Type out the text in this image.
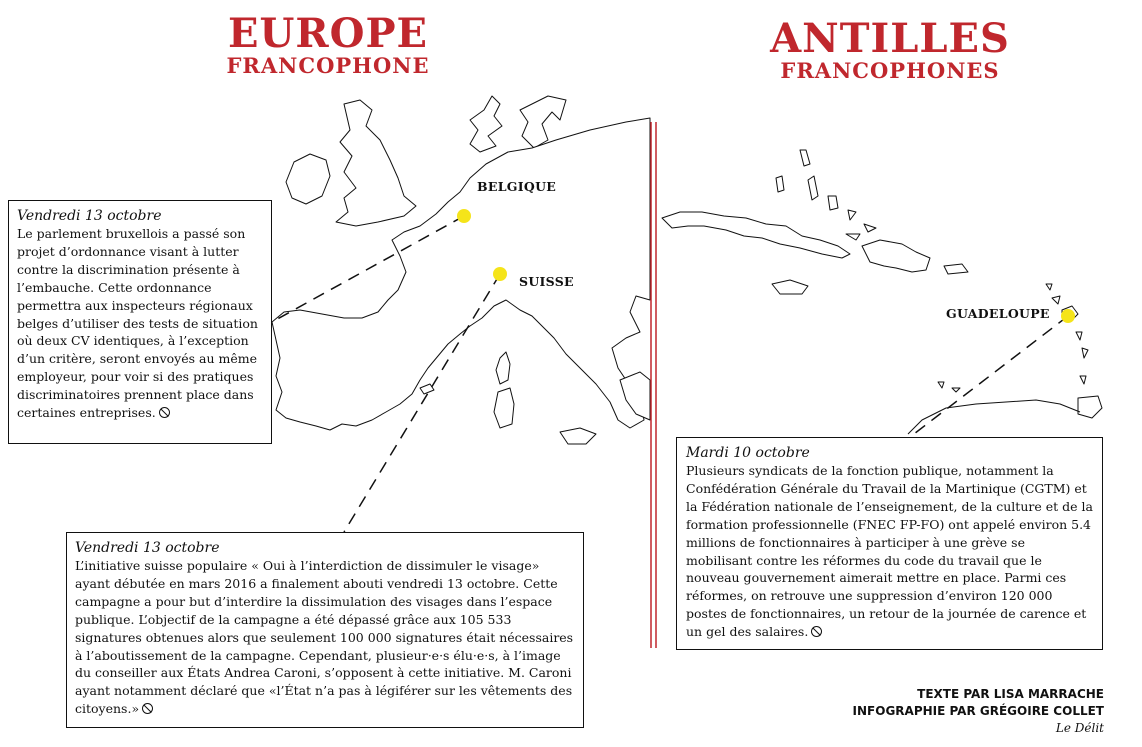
EUROPE
FRANCOPHONE
ANTILLES
FRANCOPHONES
BELGIQUE
SUISSE
GUADELOUPE
Vendredi 13 octobre
Le parlement bruxellois a passé son projet d’ordonnance visant à lutter contre la discrimination présente à l’embauche. Cette ordonnance permettra aux inspecteurs régionaux belges d’utiliser des tests de situation où deux CV identiques, à l’exception d’un critère, seront envoyés au même employeur, pour voir si des pratiques discriminatoires prennent place dans certaines entreprises.
Vendredi 13 octobre
L’initiative suisse populaire « Oui à l’interdiction de dissimuler le visage» ayant débutée en mars 2016 a finalement abouti vendredi 13 octobre. Cette campagne a pour but d’interdire la dissimulation des visages dans l’espace publique. L’objectif de la campagne a été dépassé grâce aux 105 533 signatures obtenues alors que seulement 100 000 signatures était nécessaires à l’aboutissement de la campagne. Cependant, plusieur·e·s élu·e·s, à l’image du conseiller aux États Andrea Caroni, s’opposent à cette initiative. M. Caroni ayant notamment déclaré que «l’État n’a pas à légiférer sur les vêtements des citoyens.»
Mardi 10 octobre
Plusieurs syndicats de la fonction publique, notamment la Confédération Générale du Travail de la Martinique (CGTM) et la Fédération nationale de l’enseignement, de la culture et de la formation professionnelle (FNEC FP-FO) ont appelé environ 5.4 millions de fonctionnaires à participer à une grève se mobilisant contre les réformes du code du travail que le nouveau gouvernement aimerait mettre en place. Parmi ces réformes, on retrouve une suppression d’environ 120 000 postes de fonctionnaires, un retour de la journée de carence et un gel des salaires.
TEXTE PAR LISA MARRACHE
INFOGRAPHIE PAR GRÉGOIRE COLLET
Le Délit
